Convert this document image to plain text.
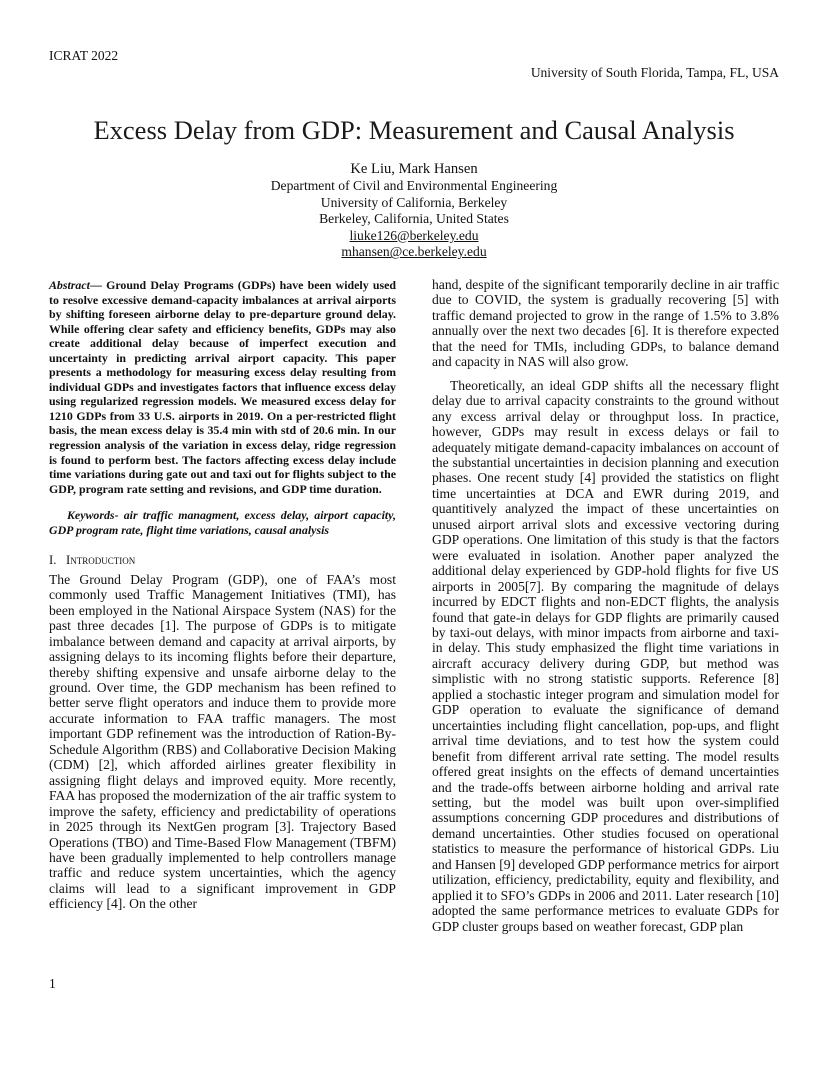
ICRAT 2022
University of South Florida, Tampa, FL, USA
Excess Delay from GDP: Measurement and Causal Analysis
Ke Liu, Mark Hansen
Department of Civil and Environmental Engineering
University of California, Berkeley
Berkeley, California, United States
liuke126@berkeley.edu
mhansen@ce.berkeley.edu

Abstract— Ground Delay Programs (GDPs) have been widely used to resolve excessive demand-capacity imbalances at arrival airports by shifting foreseen airborne delay to pre-departure ground delay. While offering clear safety and efficiency benefits, GDPs may also create additional delay because of imperfect execution and uncertainty in predicting arrival airport capacity. This paper presents a methodology for measuring excess delay resulting from individual GDPs and investigates factors that influence excess delay using regularized regression models. We measured excess delay for 1210 GDPs from 33 U.S. airports in 2019. On a per-restricted flight basis, the mean excess delay is 35.4 min with std of 20.6 min. In our regression analysis of the variation in excess delay, ridge regression is found to perform best. The factors affecting excess delay include time variations during gate out and taxi out for flights subject to the GDP, program rate setting and revisions, and GDP time duration.

Keywords- air traffic managment, excess delay, airport capacity, GDP program rate, flight time variations, causal analysis

I. Introduction

The Ground Delay Program (GDP), one of FAA’s most commonly used Traffic Management Initiatives (TMI), has been employed in the National Airspace System (NAS) for the past three decades [1]. The purpose of GDPs is to mitigate imbalance between demand and capacity at arrival airports, by assigning delays to its incoming flights before their departure, thereby shifting expensive and unsafe airborne delay to the ground. Over time, the GDP mechanism has been refined to better serve flight operators and induce them to provide more accurate information to FAA traffic managers. The most important GDP refinement was the introduction of Ration-By-Schedule Algorithm (RBS) and Collaborative Decision Making (CDM) [2], which afforded airlines greater flexibility in assigning flight delays and improved equity. More recently, FAA has proposed the modernization of the air traffic system to improve the safety, efficiency and predictability of operations in 2025 through its NextGen program [3]. Trajectory Based Operations (TBO) and Time-Based Flow Management (TBFM) have been gradually implemented to help controllers manage traffic and reduce system uncertainties, which the agency claims will lead to a significant improvement in GDP efficiency [4]. On the other

hand, despite of the significant temporarily decline in air traffic due to COVID, the system is gradually recovering [5] with traffic demand projected to grow in the range of 1.5% to 3.8% annually over the next two decades [6]. It is therefore expected that the need for TMIs, including GDPs, to balance demand and capacity in NAS will also grow.

Theoretically, an ideal GDP shifts all the necessary flight delay due to arrival capacity constraints to the ground without any excess arrival delay or throughput loss. In practice, however, GDPs may result in excess delays or fail to adequately mitigate demand-capacity imbalances on account of the substantial uncertainties in decision planning and execution phases. One recent study [4] provided the statistics on flight time uncertainties at DCA and EWR during 2019, and quantitively analyzed the impact of these uncertainties on unused airport arrival slots and excessive vectoring during GDP operations. One limitation of this study is that the factors were evaluated in isolation. Another paper analyzed the additional delay experienced by GDP-hold flights for five US airports in 2005[7]. By comparing the magnitude of delays incurred by EDCT flights and non-EDCT flights, the analysis found that gate-in delays for GDP flights are primarily caused by taxi-out delays, with minor impacts from airborne and taxi-in delay. This study emphasized the flight time variations in aircraft accuracy delivery during GDP, but method was simplistic with no strong statistic supports. Reference [8] applied a stochastic integer program and simulation model for GDP operation to evaluate the significance of demand uncertainties including flight cancellation, pop-ups, and flight arrival time deviations, and to test how the system could benefit from different arrival rate setting. The model results offered great insights on the effects of demand uncertainties and the trade-offs between airborne holding and arrival rate setting, but the model was built upon over-simplified assumptions concerning GDP procedures and distributions of demand uncertainties. Other studies focused on operational statistics to measure the performance of historical GDPs. Liu and Hansen [9] developed GDP performance metrics for airport utilization, efficiency, predictability, equity and flexibility, and applied it to SFO’s GDPs in 2006 and 2011. Later research [10] adopted the same performance metrices to evaluate GDPs for GDP cluster groups based on weather forecast, GDP plan

1
